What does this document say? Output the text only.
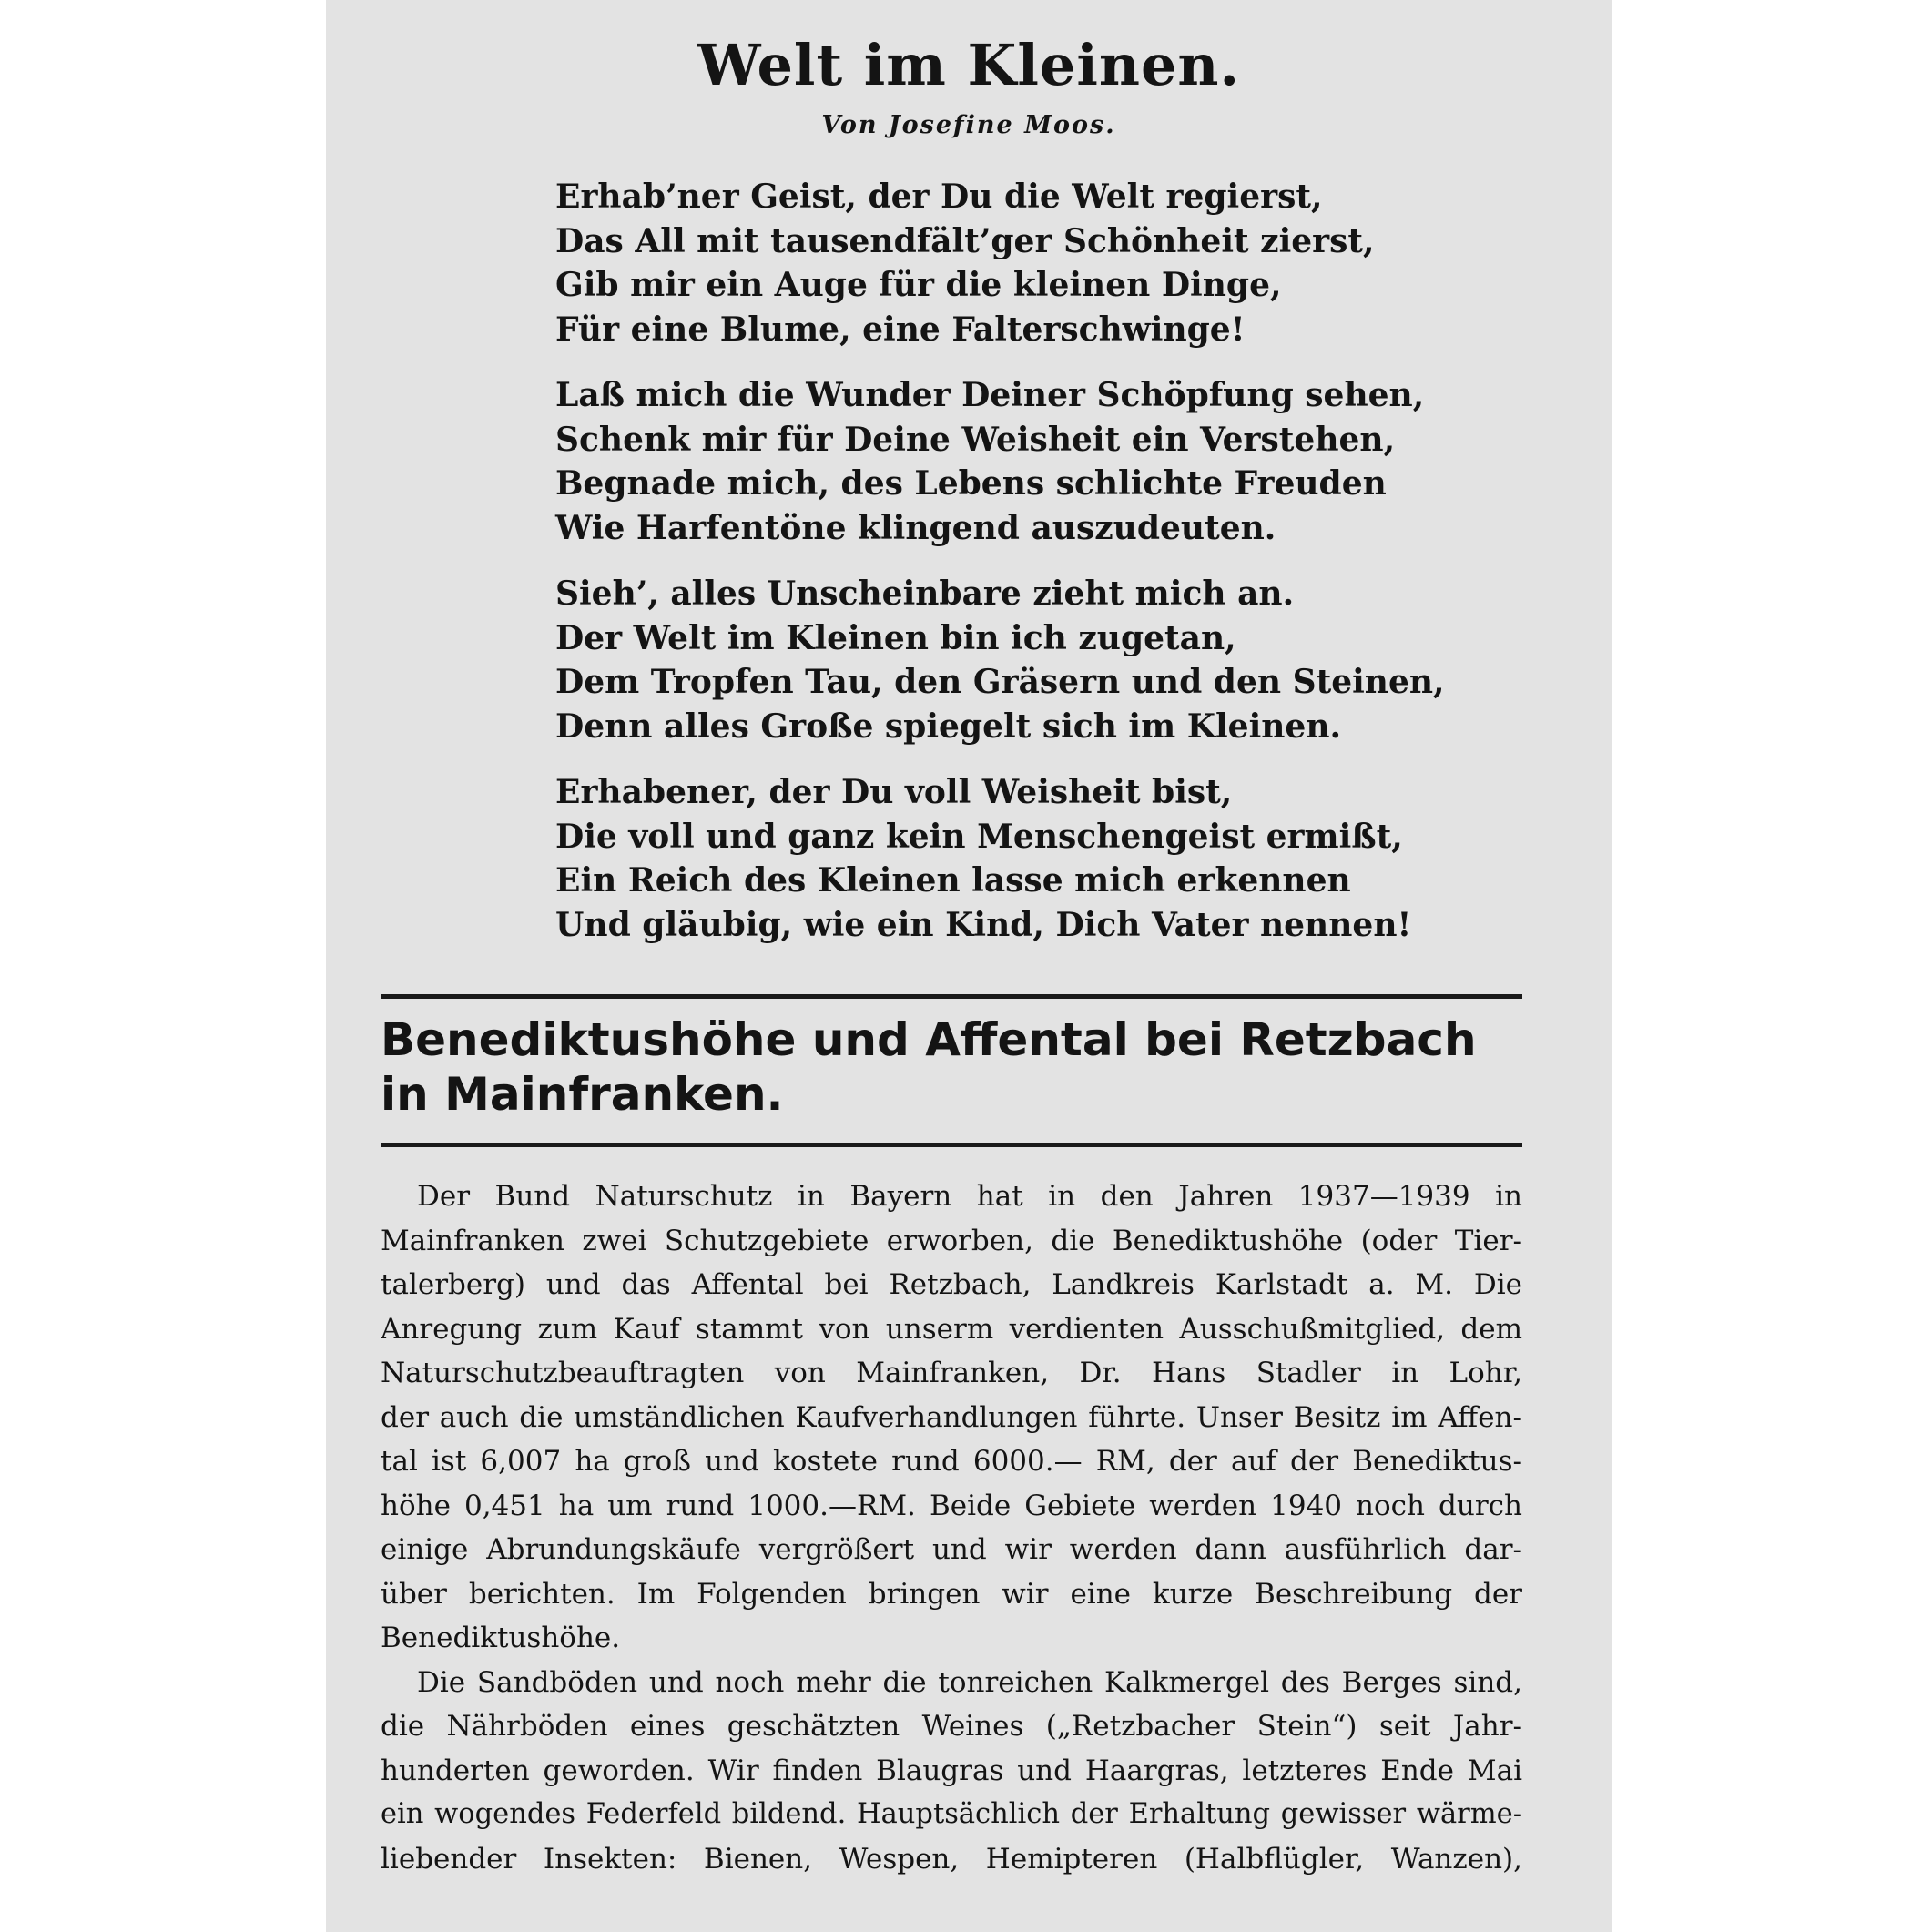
Welt im Kleinen.
Von Josefine Moos.
Erhab’ner Geist, der Du die Welt regierst,
Das All mit tausendfält’ger Schönheit zierst,
Gib mir ein Auge für die kleinen Dinge,
Für eine Blume, eine Falterschwinge!
Laß mich die Wunder Deiner Schöpfung sehen,
Schenk mir für Deine Weisheit ein Verstehen,
Begnade mich, des Lebens schlichte Freuden
Wie Harfentöne klingend auszudeuten.
Sieh’, alles Unscheinbare zieht mich an.
Der Welt im Kleinen bin ich zugetan,
Dem Tropfen Tau, den Gräsern und den Steinen,
Denn alles Große spiegelt sich im Kleinen.
Erhabener, der Du voll Weisheit bist,
Die voll und ganz kein Menschengeist ermißt,
Ein Reich des Kleinen lasse mich erkennen
Und gläubig, wie ein Kind, Dich Vater nennen!
Benediktushöhe und Affental bei Retzbach
in Mainfranken.
Der Bund Naturschutz in Bayern hat in den Jahren 1937—1939 in
Mainfranken zwei Schutzgebiete erworben, die Benediktushöhe (oder Tier-
talerberg) und das Affental bei Retzbach, Landkreis Karlstadt a. M. Die
Anregung zum Kauf stammt von unserm verdienten Ausschußmitglied, dem
Naturschutzbeauftragten von Mainfranken, Dr. Hans Stadler in Lohr,
der auch die umständlichen Kaufverhandlungen führte. Unser Besitz im Affen-
tal ist 6,007 ha groß und kostete rund 6000.— RM, der auf der Benediktus-
höhe 0,451 ha um rund 1000.—RM. Beide Gebiete werden 1940 noch durch
einige Abrundungskäufe vergrößert und wir werden dann ausführlich dar-
über berichten. Im Folgenden bringen wir eine kurze Beschreibung der
Benediktushöhe.
Die Sandböden und noch mehr die tonreichen Kalkmergel des Berges sind,
die Nährböden eines geschätzten Weines („Retzbacher Stein“) seit Jahr-
hunderten geworden. Wir finden Blaugras und Haargras, letzteres Ende Mai
ein wogendes Federfeld bildend. Hauptsächlich der Erhaltung gewisser wärme-
liebender Insekten: Bienen, Wespen, Hemipteren (Halbflügler, Wanzen),
